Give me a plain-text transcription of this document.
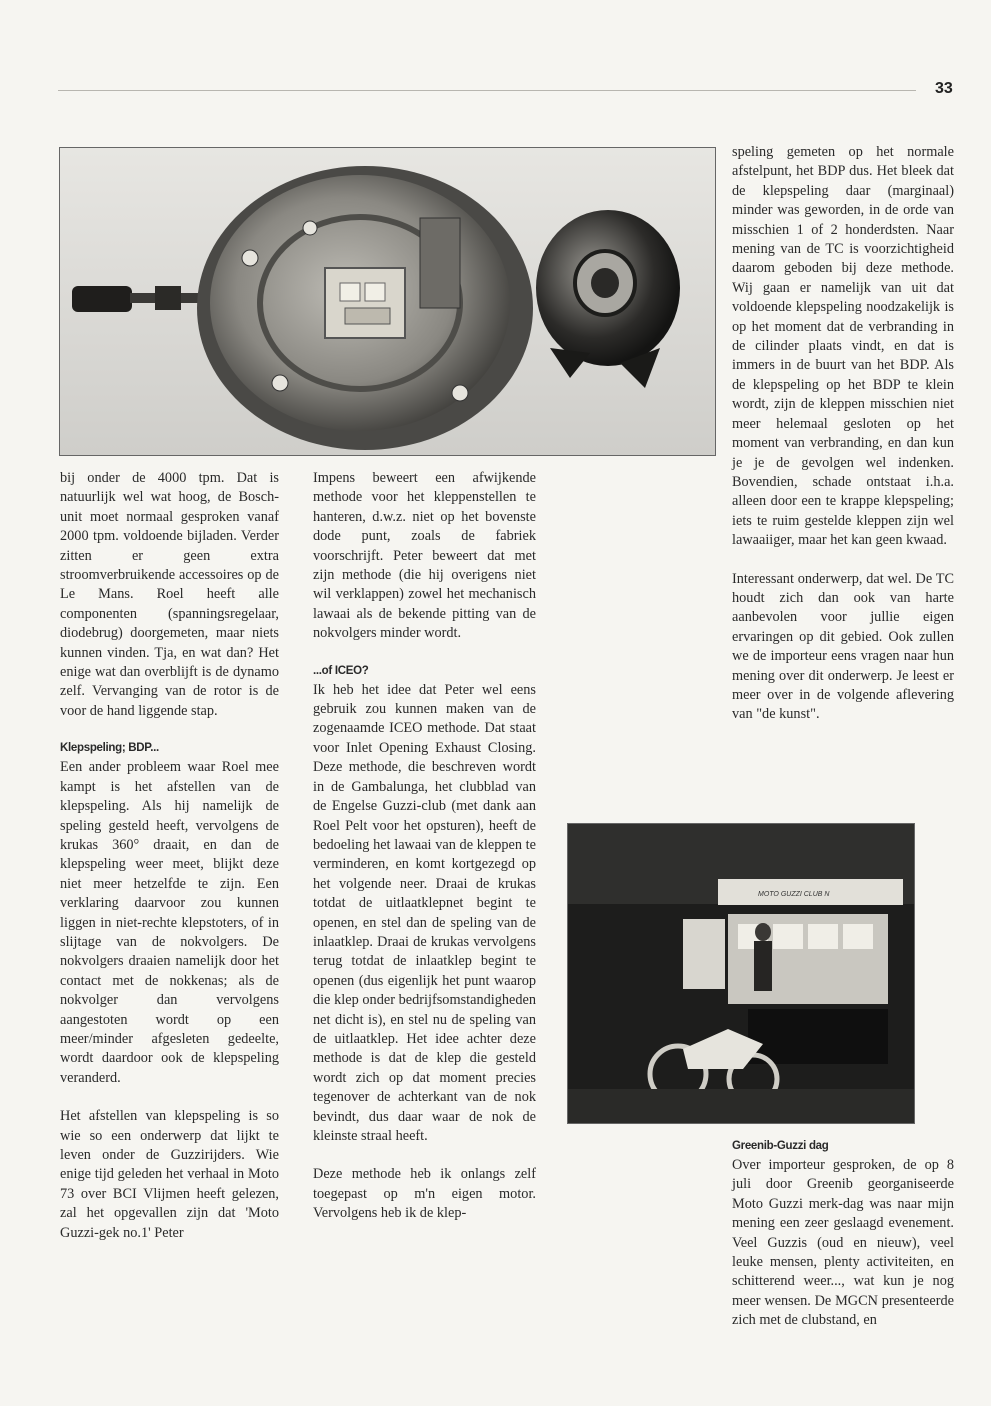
33
MOTO GUZZI CLUB N

bij onder de 4000 tpm. Dat is natuurlijk wel wat hoog, de Bosch-unit moet normaal gesproken vanaf 2000 tpm. voldoende bijladen. Verder zitten er geen extra stroomverbruikende accessoires op de Le Mans. Roel heeft alle componenten (spanningsregelaar, diodebrug) doorgemeten, maar niets kunnen vinden. Tja, en wat dan? Het enige wat dan overblijft is de dynamo zelf. Vervanging van de rotor is de voor de hand liggende stap.

Klepspeling; BDP...

Een ander probleem waar Roel mee kampt is het afstellen van de klepspeling. Als hij namelijk de speling gesteld heeft, vervolgens de krukas 360° draait, en dan de klepspeling weer meet, blijkt deze niet meer hetzelfde te zijn. Een verklaring daarvoor zou kunnen liggen in niet-rechte klepstoters, of in slijtage van de nokvolgers. De nokvolgers draaien namelijk door het contact met de nokkenas; als de nokvolger dan vervolgens aangestoten wordt op een meer/minder afgesleten gedeelte, wordt daardoor ook de klepspeling veranderd.

Het afstellen van klepspeling is so wie so een onderwerp dat lijkt te leven onder de Guzzirijders. Wie enige tijd geleden het verhaal in Moto 73 over BCI Vlijmen heeft gelezen, zal het opgevallen zijn dat 'Moto Guzzi-gek no.1' Peter

Impens beweert een afwijkende methode voor het kleppenstellen te hanteren, d.w.z. niet op het bovenste dode punt, zoals de fabriek voorschrijft. Peter beweert dat met zijn methode (die hij overigens niet wil verklappen) zowel het mechanisch lawaai als de bekende pitting van de nokvolgers minder wordt.

...of ICEO?

Ik heb het idee dat Peter wel eens gebruik zou kunnen maken van de zogenaamde ICEO methode. Dat staat voor Inlet Opening Exhaust Closing. Deze methode, die beschreven wordt in de Gambalunga, het clubblad van de Engelse Guzzi-club (met dank aan Roel Pelt voor het opsturen), heeft de bedoeling het lawaai van de kleppen te verminderen, en komt kortgezegd op het volgende neer. Draai de krukas totdat de uitlaatklepnet begint te openen, en stel dan de speling van de inlaatklep. Draai de krukas vervolgens terug totdat de inlaatklep begint te openen (dus eigenlijk het punt waarop die klep onder bedrijfsomstandigheden net dicht is), en stel nu de speling van de uitlaatklep. Het idee achter deze methode is dat de klep die gesteld wordt zich op dat moment precies tegenover de achterkant van de nok bevindt, dus daar waar de nok de kleinste straal heeft.

Deze methode heb ik onlangs zelf toegepast op m'n eigen motor. Vervolgens heb ik de klep-

speling gemeten op het normale afstelpunt, het BDP dus. Het bleek dat de klepspeling daar (marginaal) minder was geworden, in de orde van misschien 1 of 2 honderdsten. Naar mening van de TC is voorzichtigheid daarom geboden bij deze methode. Wij gaan er namelijk van uit dat voldoende klepspeling noodzakelijk is op het moment dat de verbranding in de cilinder plaats vindt, en dat is immers in de buurt van het BDP. Als de klepspeling op het BDP te klein wordt, zijn de kleppen misschien niet meer helemaal gesloten op het moment van verbranding, en dan kun je je de gevolgen wel indenken. Bovendien, schade ontstaat i.h.a. alleen door een te krappe klepspeling; iets te ruim gestelde kleppen zijn wel lawaaiiger, maar het kan geen kwaad.

Interessant onderwerp, dat wel. De TC houdt zich dan ook van harte aanbevolen voor jullie eigen ervaringen op dit gebied. Ook zullen we de importeur eens vragen naar hun mening over dit onderwerp. Je leest er meer over in de volgende aflevering van "de kunst".

Greenib-Guzzi dag

Over importeur gesproken, de op 8 juli door Greenib georganiseerde Moto Guzzi merk-dag was naar mijn mening een zeer geslaagd evenement. Veel Guzzis (oud en nieuw), veel leuke mensen, plenty activiteiten, en schitterend weer..., wat kun je nog meer wensen. De MGCN presenteerde zich met de clubstand, en
